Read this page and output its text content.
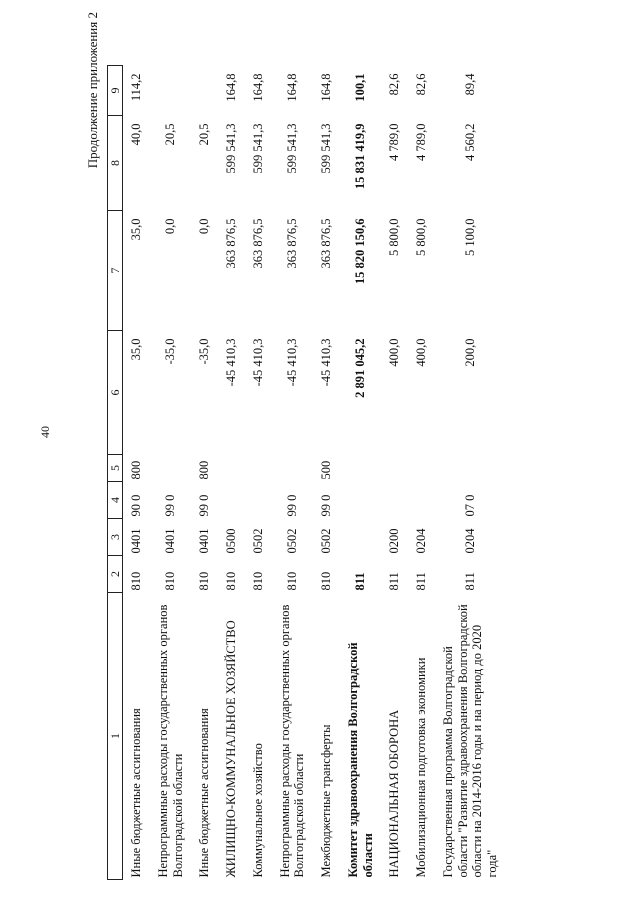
40
Продолжение приложения 2
1	2	3	4	5	6	7	8	9
Иные бюджетные ассигнования	810	0401	90 0	800	35,0	35,0	40,0	114,2
Непрограммные расходы государственных органов Волгоградской области	810	0401	99 0		-35,0	0,0	20,5	
Иные бюджетные ассигнования	810	0401	99 0	800	-35,0	0,0	20,5	
ЖИЛИЩНО-КОММУНАЛЬНОЕ ХОЗЯЙСТВО	810	0500			-45 410,3	363 876,5	599 541,3	164,8
Коммунальное хозяйство	810	0502			-45 410,3	363 876,5	599 541,3	164,8
Непрограммные расходы государственных органов Волгоградской области	810	0502	99 0		-45 410,3	363 876,5	599 541,3	164,8
Межбюджетные трансферты	810	0502	99 0	500	-45 410,3	363 876,5	599 541,3	164,8
Комитет здравоохранения Волгоградской области	811				2 891 045,2	15 820 150,6	15 831 419,9	100,1
НАЦИОНАЛЬНАЯ ОБОРОНА	811	0200			400,0	5 800,0	4 789,0	82,6
Мобилизационная подготовка экономики	811	0204			400,0	5 800,0	4 789,0	82,6
Государственная программа Волгоградской области "Развитие здравоохранения Волгоградской области на 2014-2016 годы и на период до 2020 года"	811	0204	07 0		200,0	5 100,0	4 560,2	89,4
